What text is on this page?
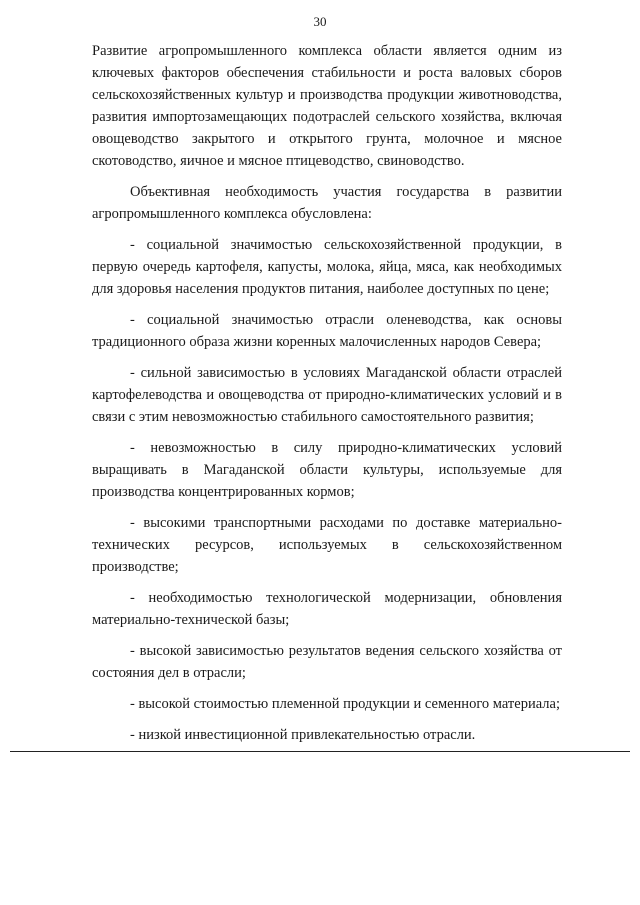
30

Развитие агропромышленного комплекса области является одним из ключевых факторов обеспечения стабильности и роста валовых сборов сельскохозяйственных культур и производства продукции животноводства, развития импортозамещающих подотраслей сельского хозяйства, включая овощеводство закрытого и открытого грунта, молочное и мясное скотоводство, яичное и мясное птицеводство, свиноводство.

Объективная необходимость участия государства в развитии агропромышленного комплекса обусловлена:

- социальной значимостью сельскохозяйственной продукции, в первую очередь картофеля, капусты, молока, яйца, мяса, как необходимых для здоровья населения продуктов питания, наиболее доступных по цене;

- социальной значимостью отрасли оленеводства, как основы традиционного образа жизни коренных малочисленных народов Севера;

- сильной зависимостью в условиях Магаданской области отраслей картофелеводства и овощеводства от природно-климатических условий и в связи с этим невозможностью стабильного самостоятельного развития;

- невозможностью в силу природно-климатических условий выращивать в Магаданской области культуры, используемые для производства концентрированных кормов;

- высокими транспортными расходами по доставке материально-технических ресурсов, используемых в сельскохозяйственном производстве;

- необходимостью технологической модернизации, обновления материально-технической базы;

- высокой зависимостью результатов ведения сельского хозяйства от состояния дел в отрасли;

- высокой стоимостью племенной продукции и семенного материала;

- низкой инвестиционной привлекательностью отрасли.
